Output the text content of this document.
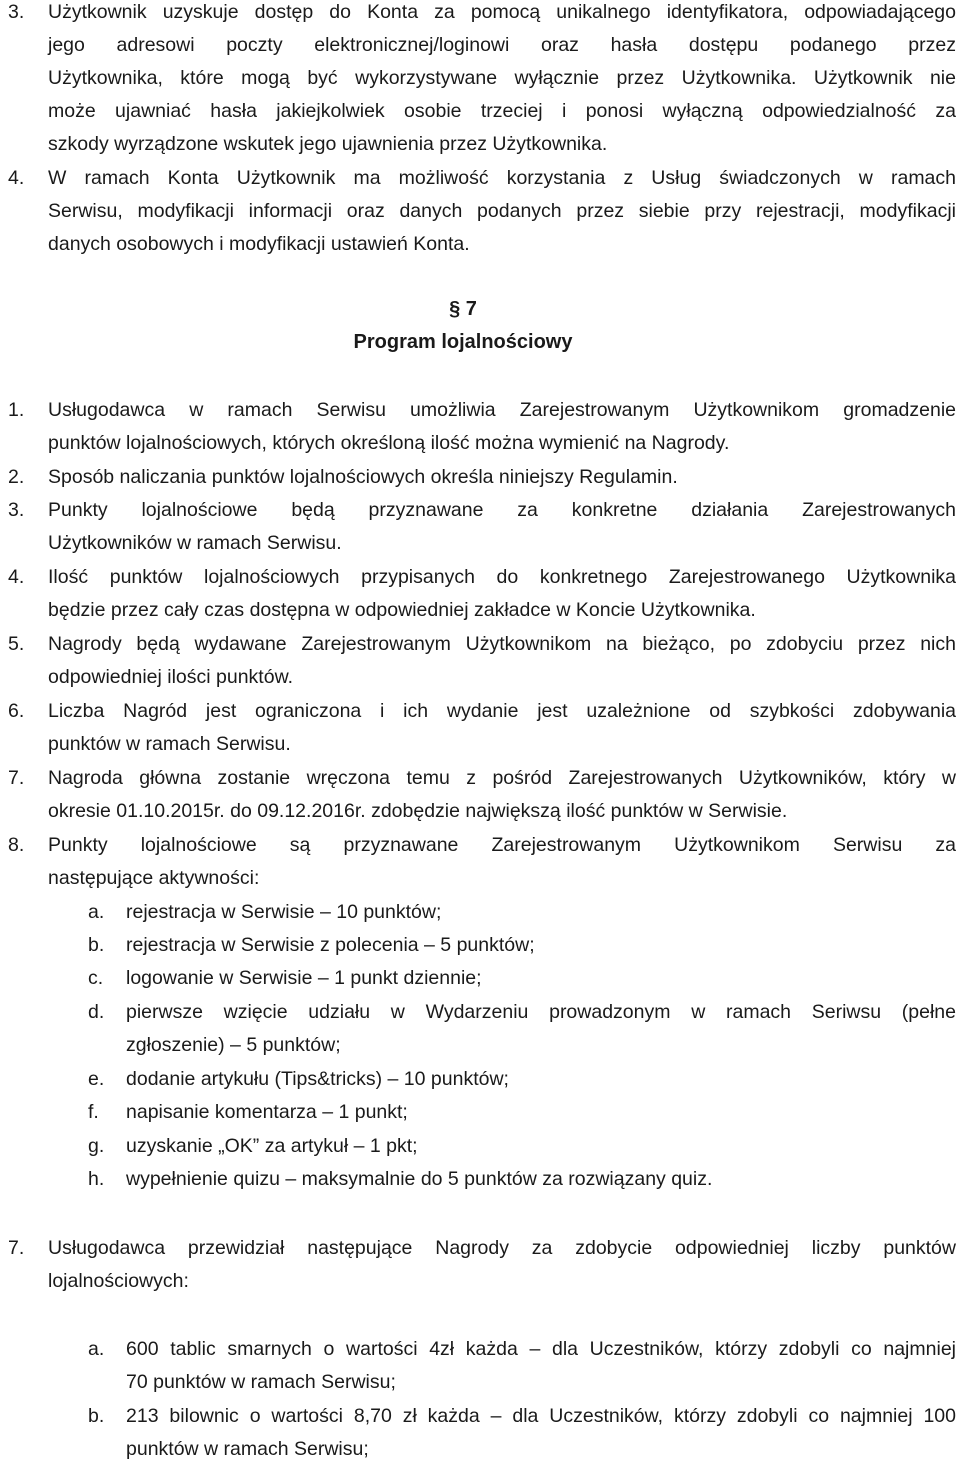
3. Użytkownik uzyskuje dostęp do Konta za pomocą unikalnego identyfikatora, odpowiadającego
jego adresowi poczty elektronicznej/loginowi oraz hasła dostępu podanego przez
Użytkownika, które mogą być wykorzystywane wyłącznie przez Użytkownika. Użytkownik nie
może ujawniać hasła jakiejkolwiek osobie trzeciej i ponosi wyłączną odpowiedzialność za
szkody wyrządzone wskutek jego ujawnienia przez Użytkownika.
4. W ramach Konta Użytkownik ma możliwość korzystania z Usług świadczonych w ramach
Serwisu, modyfikacji informacji oraz danych podanych przez siebie przy rejestracji, modyfikacji
danych osobowych i modyfikacji ustawień Konta.
§ 7
Program lojalnościowy
1. Usługodawca w ramach Serwisu umożliwia Zarejestrowanym Użytkownikom gromadzenie
punktów lojalnościowych, których określoną ilość można wymienić na Nagrody.
2. Sposób naliczania punktów lojalnościowych określa niniejszy Regulamin.
3. Punkty lojalnościowe będą przyznawane za konkretne działania Zarejestrowanych
Użytkowników w ramach Serwisu.
4. Ilość punktów lojalnościowych przypisanych do konkretnego Zarejestrowanego Użytkownika
będzie przez cały czas dostępna w odpowiedniej zakładce w Koncie Użytkownika.
5. Nagrody będą wydawane Zarejestrowanym Użytkownikom na bieżąco, po zdobyciu przez nich
odpowiedniej ilości punktów.
6. Liczba Nagród jest ograniczona i ich wydanie jest uzależnione od szybkości zdobywania
punktów w ramach Serwisu.
7. Nagroda główna zostanie wręczona temu z pośród Zarejestrowanych Użytkowników, który w
okresie 01.10.2015r. do 09.12.2016r. zdobędzie największą ilość punktów w Serwisie.
8. Punkty lojalnościowe są przyznawane Zarejestrowanym Użytkownikom Serwisu za
następujące aktywności:
a. rejestracja w Serwisie – 10 punktów;
b. rejestracja w Serwisie z polecenia – 5 punktów;
c. logowanie w Serwisie – 1 punkt dziennie;
d. pierwsze wzięcie udziału w Wydarzeniu prowadzonym w ramach Seriwsu (pełne
zgłoszenie) – 5 punktów;
e. dodanie artykułu (Tips&tricks) – 10 punktów;
f. napisanie komentarza – 1 punkt;
g. uzyskanie „OK” za artykuł – 1 pkt;
h. wypełnienie quizu – maksymalnie do 5 punktów za rozwiązany quiz.
7. Usługodawca przewidział następujące Nagrody za zdobycie odpowiedniej liczby punktów
lojalnościowych:
a. 600 tablic smarnych o wartości 4zł każda – dla Uczestników, którzy zdobyli co najmniej
70 punktów w ramach Serwisu;
b. 213 bilownic o wartości 8,70 zł każda – dla Uczestników, którzy zdobyli co najmniej 100
punktów w ramach Serwisu;
